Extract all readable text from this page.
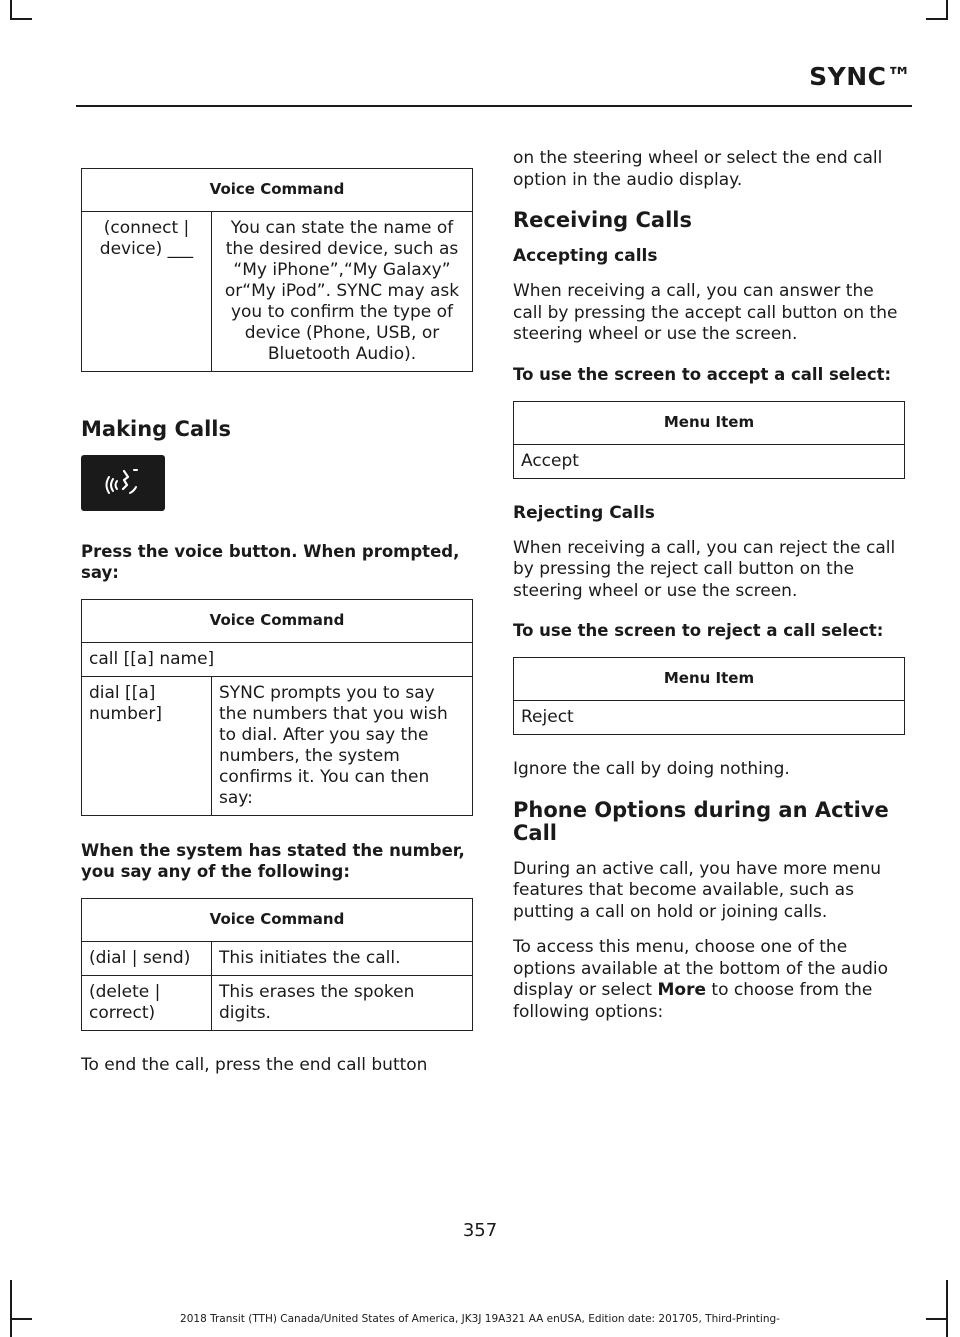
SYNC™
Voice Command
(connect | device) ___	You can state the name of the desired device, such as “My iPhone”,“My Galaxy” or“My iPod”. SYNC may ask you to confirm the type of device (Phone, USB, or Bluetooth Audio).
Making Calls
Press the voice button. When prompted, say:
Voice Command
call [[a] name]
dial [[a] number]	SYNC prompts you to say the numbers that you wish to dial. After you say the numbers, the system confirms it. You can then say:
When the system has stated the number, you say any of the following:
Voice Command	
(dial | send)	This initiates the call.
(delete | correct)	This erases the spoken digits.
To end the call, press the end call button
on the steering wheel or select the end call option in the audio display.
Receiving Calls
Accepting calls
When receiving a call, you can answer the call by pressing the accept call button on the steering wheel or use the screen.
To use the screen to accept a call select:
Menu Item
Accept
Rejecting Calls
When receiving a call, you can reject the call by pressing the reject call button on the steering wheel or use the screen.
To use the screen to reject a call select:
Menu Item
Reject
Ignore the call by doing nothing.
Phone Options during an Active Call
During an active call, you have more menu features that become available, such as putting a call on hold or joining calls.
To access this menu, choose one of the options available at the bottom of the audio display or select More to choose from the following options:
357
2018 Transit (TTH) Canada/United States of America, JK3J 19A321 AA enUSA, Edition date: 201705, Third-Printing-
